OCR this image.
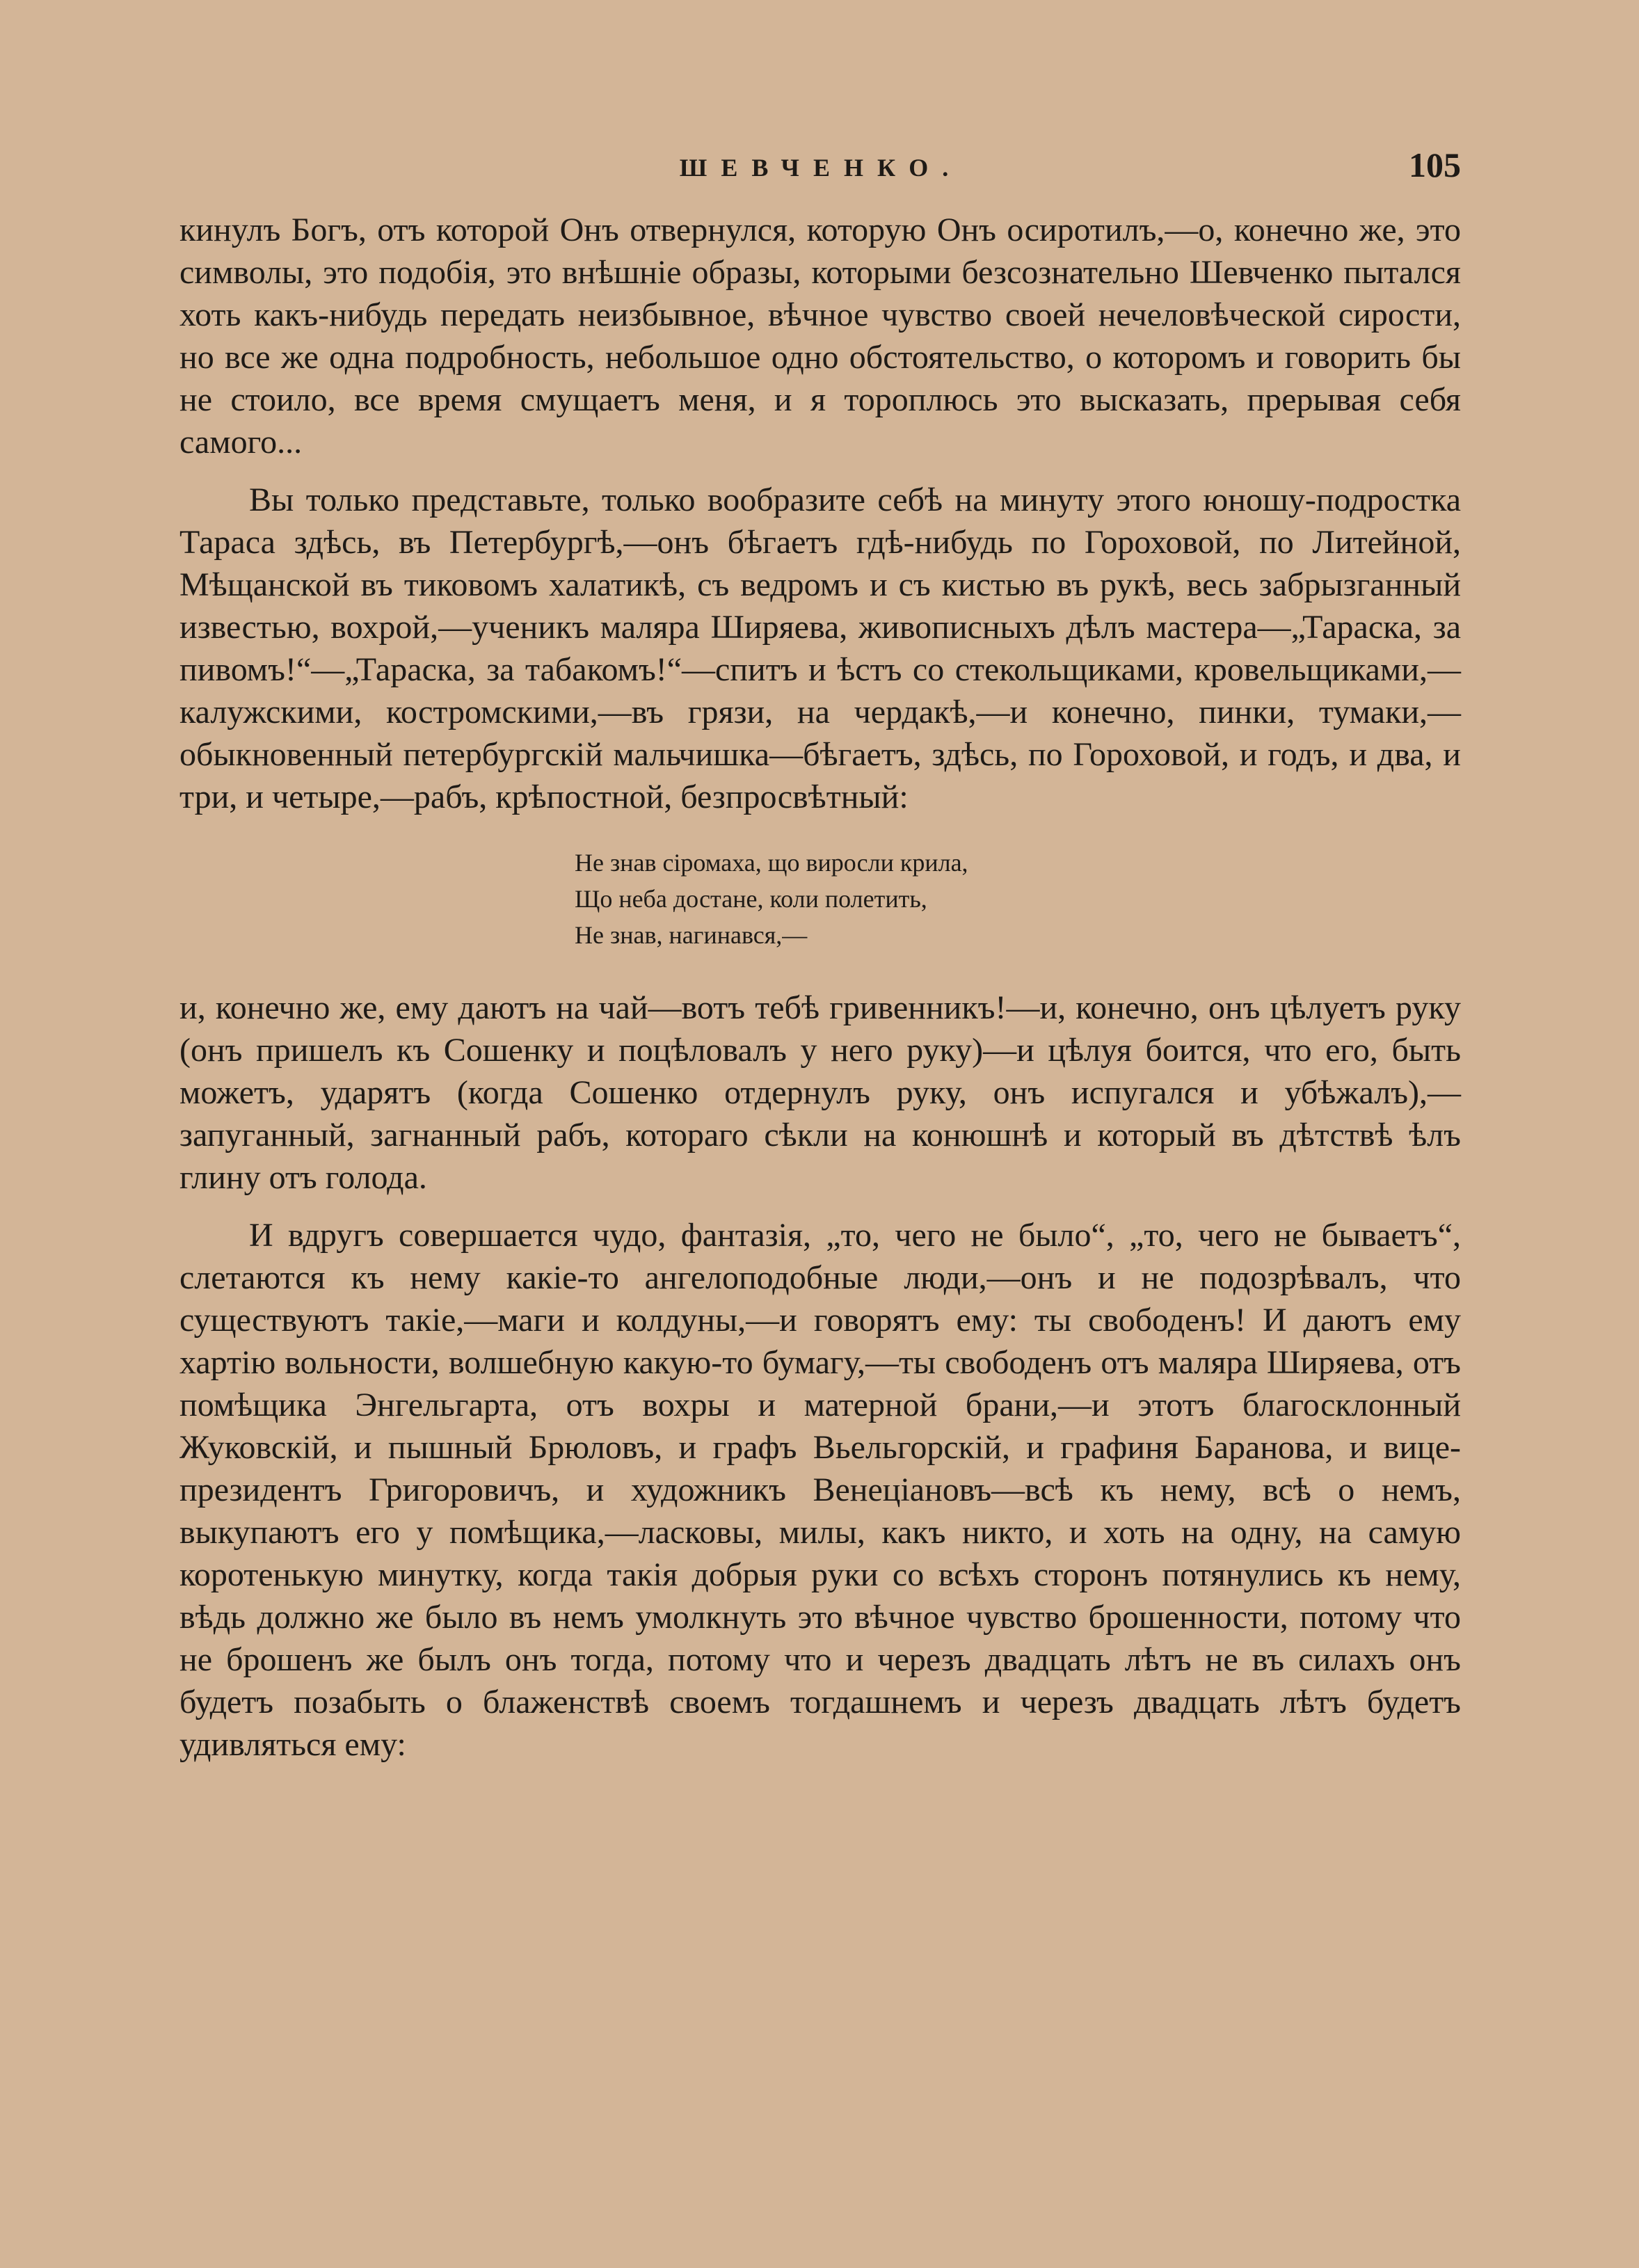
ШЕВЧЕНКО.	105

кинулъ Богъ, отъ которой Онъ отвернулся, которую Онъ осиротилъ,—о, конечно же, это символы, это подобія, это внѣшніе образы, которыми безсознательно Шевченко пытался хоть какъ-нибудь передать неизбывное, вѣчное чувство своей нечеловѣческой сирости, но все же одна подробность, небольшое одно обстоятельство, о которомъ и говорить бы не стоило, все время смущаетъ меня, и я тороплюсь это высказать, прерывая себя самого...

Вы только представьте, только вообразите себѣ на минуту этого юношу-подростка Тараса здѣсь, въ Петербургѣ,—онъ бѣгаетъ гдѣ-нибудь по Гороховой, по Литейной, Мѣщанской въ тиковомъ халатикѣ, съ ведромъ и съ кистью въ рукѣ, весь забрызганный известью, вохрой,—ученикъ маляра Ширяева, живописныхъ дѣлъ мастера—„Тараска, за пивомъ!“—„Тараска, за табакомъ!“—спитъ и ѣстъ со стекольщиками, кровельщиками,—калужскими, костромскими,—въ грязи, на чердакѣ,—и конечно, пинки, тумаки,—обыкновенный петербургскій мальчишка—бѣгаетъ, здѣсь, по Гороховой, и годъ, и два, и три, и четыре,—рабъ, крѣпостной, безпросвѣтный:

Не знав сіромаха, що виросли крила,
Що неба достане, коли полетить,
Не знав, нагинався,—

и, конечно же, ему даютъ на чай—вотъ тебѣ гривенникъ!—и, конечно, онъ цѣлуетъ руку (онъ пришелъ къ Сошенку и поцѣловалъ у него руку)—и цѣлуя боится, что его, быть можетъ, ударятъ (когда Сошенко отдернулъ руку, онъ испугался и убѣжалъ),—запуганный, загнанный рабъ, котораго сѣкли на конюшнѣ и который въ дѣтствѣ ѣлъ глину отъ голода.

И вдругъ совершается чудо, фантазія, „то, чего не было“, „то, чего не бываетъ“, слетаются къ нему какіе-то ангелоподобные люди,—онъ и не подозрѣвалъ, что существуютъ такіе,—маги и колдуны,—и говорятъ ему: ты свободенъ! И даютъ ему хартію вольности, волшебную какую-то бумагу,—ты свободенъ отъ маляра Ширяева, отъ помѣщика Энгельгарта, отъ вохры и матерной брани,—и этотъ благосклонный Жуковскій, и пышный Брюловъ, и графъ Вьельгорскій, и графиня Баранова, и вице-президентъ Григоровичъ, и художникъ Венеціановъ—всѣ къ нему, всѣ о немъ, выкупаютъ его у помѣщика,—ласковы, милы, какъ никто, и хоть на одну, на самую коротенькую минутку, когда такія добрыя руки со всѣхъ сторонъ потянулись къ нему, вѣдь должно же было въ немъ умолкнуть это вѣчное чувство брошенности, потому что не брошенъ же былъ онъ тогда, потому что и черезъ двадцать лѣтъ не въ силахъ онъ будетъ позабыть о блаженствѣ своемъ тогдашнемъ и черезъ двадцать лѣтъ будетъ удивляться ему:
